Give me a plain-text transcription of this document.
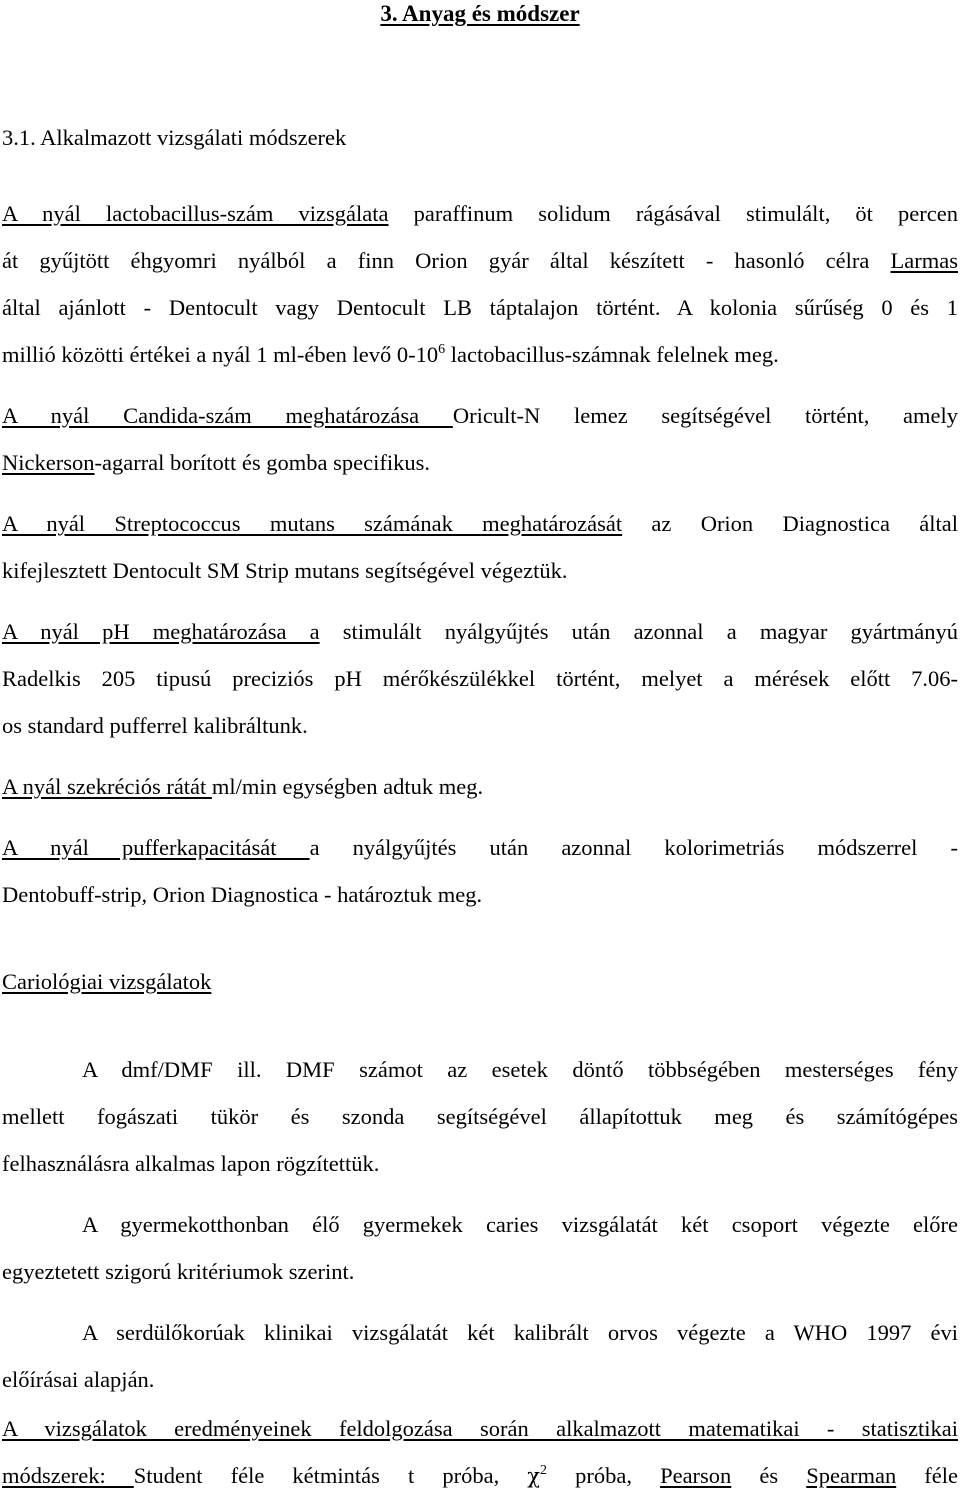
3. Anyag és módszer
3.1. Alkalmazott vizsgálati módszerek
A nyál lactobacillus-szám vizsgálata paraffinum solidum rágásával stimulált, öt percen
át gyűjtött éhgyomri nyálból a finn Orion gyár által készített - hasonló célra Larmas
által ajánlott - Dentocult vagy Dentocult LB táptalajon történt. A kolonia sűrűség 0 és 1
millió közötti értékei a nyál 1 ml-ében levő $0-10^6$ lactobacillus-számnak felelnek meg.
A nyál Candida-szám meghatározása Oricult-N lemez segítségével történt, amely
Nickerson-agarral borított és gomba specifikus.
A nyál Streptococcus mutans számának meghatározását az Orion Diagnostica által
kifejlesztett Dentocult SM Strip mutans segítségével végeztük.
A nyál pH meghatározása a stimulált nyálgyűjtés után azonnal a magyar gyártmányú
Radelkis 205 tipusú preciziós pH mérőkészülékkel történt, melyet a mérések előtt 7.06-
os standard pufferrel kalibráltunk.
A nyál szekréciós rátát ml/min egységben adtuk meg.
A nyál pufferkapacitását a nyálgyűjtés után azonnal kolorimetriás módszerrel -
Dentobuff-strip, Orion Diagnostica - határoztuk meg.
Cariológiai vizsgálatok
A dmf/DMF ill. DMF számot az esetek döntő többségében mesterséges fény
mellett fogászati tükör és szonda segítségével állapítottuk meg és számítógépes
felhasználásra alkalmas lapon rögzítettük.
A gyermekotthonban élő gyermekek caries vizsgálatát két csoport végezte előre
egyeztetett szigorú kritériumok szerint.
A serdülőkorúak klinikai vizsgálatát két kalibrált orvos végezte a WHO 1997 évi
előírásai alapján.
A vizsgálatok eredményeinek feldolgozása során alkalmazott matematikai - statisztikai
módszerek: Student féle kétmintás t próba, $\chi^2$ próba, Pearson és Spearman féle
